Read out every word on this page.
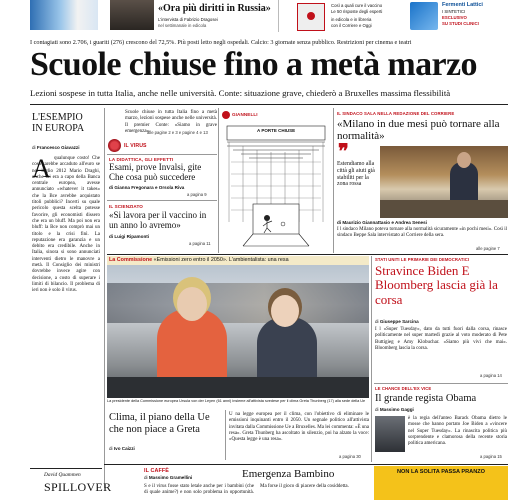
«Ora più diritti in Russia»
L'intervista di Fabrizio Dragosei
nel settimanale in edicola
Così a quali cure il vaccino
Le 50 risposte degli esperti
in edicola e in libreria
con il Corriere e Oggi
Fermenti Lattici
I SINTETICI
ESCLUSIVO
SU STUDI CLINICI
I contagiati sono 2.706, i guariti (276) crescono del 72,5%. Più posti letto negli ospedali. Calcio: 3 giornate senza pubblico. Restrizioni per cinema e teatri
Scuole chiuse fino a metà marzo
Lezioni sospese in tutta Italia, anche nelle università. Conte: situazione grave, chiederò a Bruxelles massima flessibilità
L'ESEMPIO
IN EUROPA
di Francesco Giavazzi
A qualunque costo! Che cosa sarebbe accaduto all'euro se nel luglio 2012 Mario Draghi, anche lui era a capo della Banca centrale europea, avesse annunciato «whatever it takes» che la Bce avrebbe acquistato titoli pubblici? Incerti su quale pericolo questa scelta potesse favorire, gli economisti dissero che era un bluff. Ma poi non era bluff: la Bce non comprò mai un titolo e la crisi finì. La reputazione era garanzia e un debito era credibile. Anche in Italia, sinora si sono annunciati interventi dietro le manovre a metà. Il Consiglio dei ministri dovrebbe invece agire con decisione, a costo di superare i limiti di bilancio. Il problema di ieri non è solo il virus.
Scuole chiuse in tutta Italia fino a metà marzo, lezioni sospese anche nelle università. Il premier Conte: «Siamo in grave emergenza».
alle pagine 2 e 3 e pagine 4 e 13
IL VIRUS
LA DIDATTICA, GLI EFFETTI
Esami, prove Invalsi, gite Che cosa può succedere
di Gianna Fregonara e Orsola Riva
a pagina 9
IL SCIENZIATO
«Si lavora per il vaccino in un anno lo avremo»
di Luigi Ripamonti
a pagina 11
GIANNELLI
A PORTE CHIUSE
IL SINDACO SALA NELLA REDAZIONE DEL CORRIERE
«Milano in due mesi può tornare alla normalità»
❞
Estendiamo alla città gli aiuti già stabiliti per la zona rossa
di Maurizio Giannattasio e Andrea Senesi
I l sindaco Milano poteva tornare alla normalità sicuramente «in pochi mesi». Così il sindaco Beppe Sala intervistato al Corriere della sera.
alle pagine 7
La Commissione «Emissioni zero entro il 2050». L'ambientalista: una resa
La presidente della Commissione europea Ursula von der Leyen (61 anni) insieme all'attivista svedese per il clima Greta Thunberg (17) alla sede della Ue
Clima, il piano della Ue che non piace a Greta
di Ivo Caizzi
U na legge europea per il clima, con l'obiettivo di eliminare le emissioni inquinanti entro il 2050. Un segnale politico all'attivista invitata dalla Commissione Ue a Bruxelles. Ma lei commenta: «È una resa». Greta Thunberg ha ascoltato in silenzio, poi ha alzato la voce: «Questa legge è una resa».
a pagina 30
STATI UNITI LE PRIMARIE DEI DEMOCRATICI
Stravince Biden E Bloomberg lascia già la corsa
di Giuseppe Sarcina
I l «Super Tuesday», dato da tutti fuori dalla corsa, rinasce politicamente nel super martedì grazie al voto moderato di Pete Buttigieg e Amy Klobuchar. «Siamo più vivi che mai». Bloomberg lascia la corsa.
a pagina 14
LE CHANCE DELL'EX VICE
Il grande regista Obama
di Massimo Gaggi
è la regia dell'anteo Barack Obama dietro le mosse che hanno portato Joe Biden a «vincere nel Super Tuesday». La rinascita politica più sorprendente e clamorosa della recente storia politica americana.
a pagina 15
David Quammen
SPILLOVER
IL CAFFÈ
di Massimo Gramellini	Emergenza Bambino
S e il virus fosse stato letale anche per i bambini (che di quale anime?) e non solo problema in opportunità. Ma forse il gioco di piacere della cosiddetta.
NON LA SOLITA PASSA PRANZO
